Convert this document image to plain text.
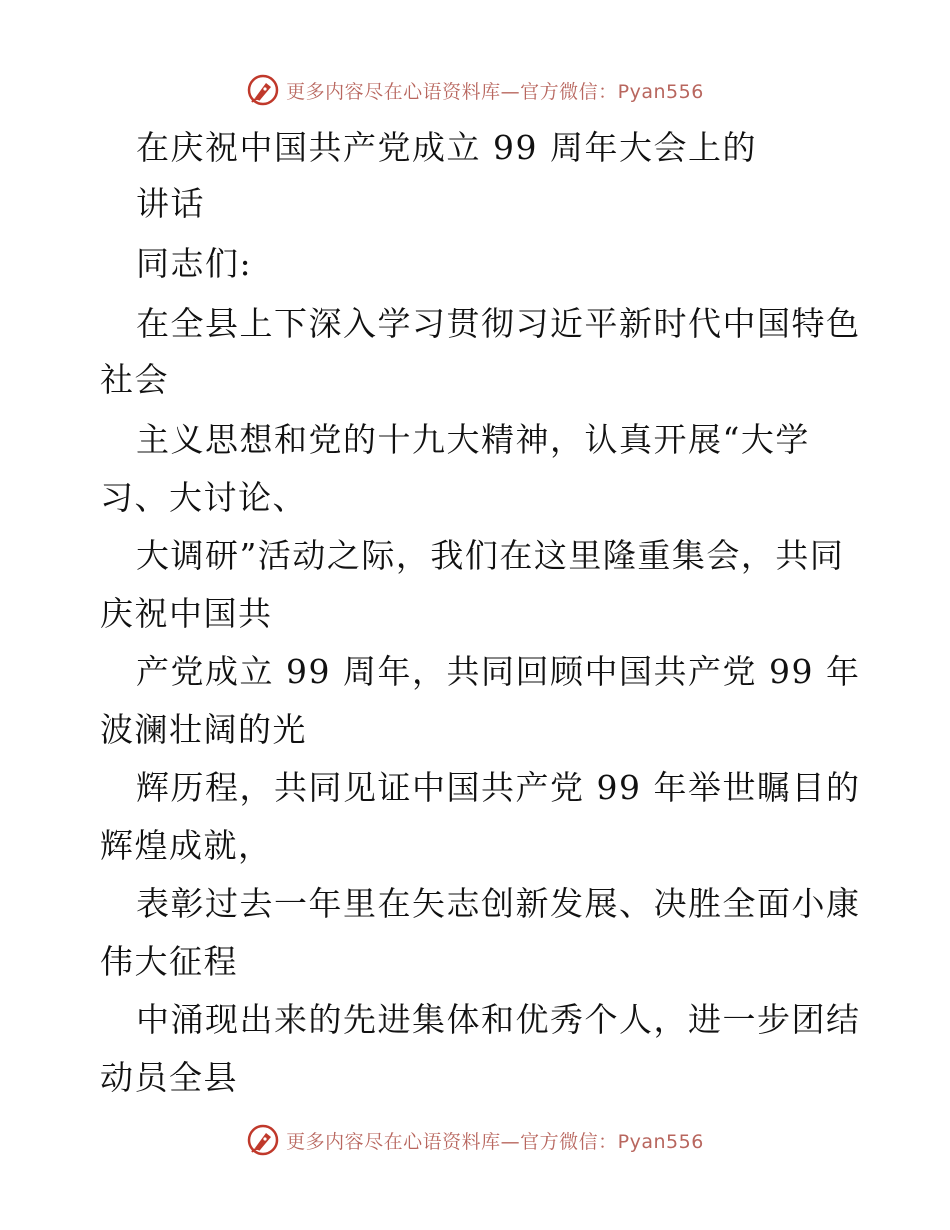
更多内容尽在心语资料库—官方微信：Pyan556
在庆祝中国共产党成立 99 周年大会上的
讲话
同志们:
在全县上下深入学习贯彻习近平新时代中国特色
社会
主义思想和党的十九大精神，认真开展“大学
习、大讨论、
大调研”活动之际，我们在这里隆重集会，共同
庆祝中国共
产党成立 99 周年，共同回顾中国共产党 99 年
波澜壮阔的光
辉历程，共同见证中国共产党 99 年举世瞩目的
辉煌成就，
表彰过去一年里在矢志创新发展、决胜全面小康
伟大征程
中涌现出来的先进集体和优秀个人，进一步团结
动员全县
更多内容尽在心语资料库—官方微信：Pyan556
